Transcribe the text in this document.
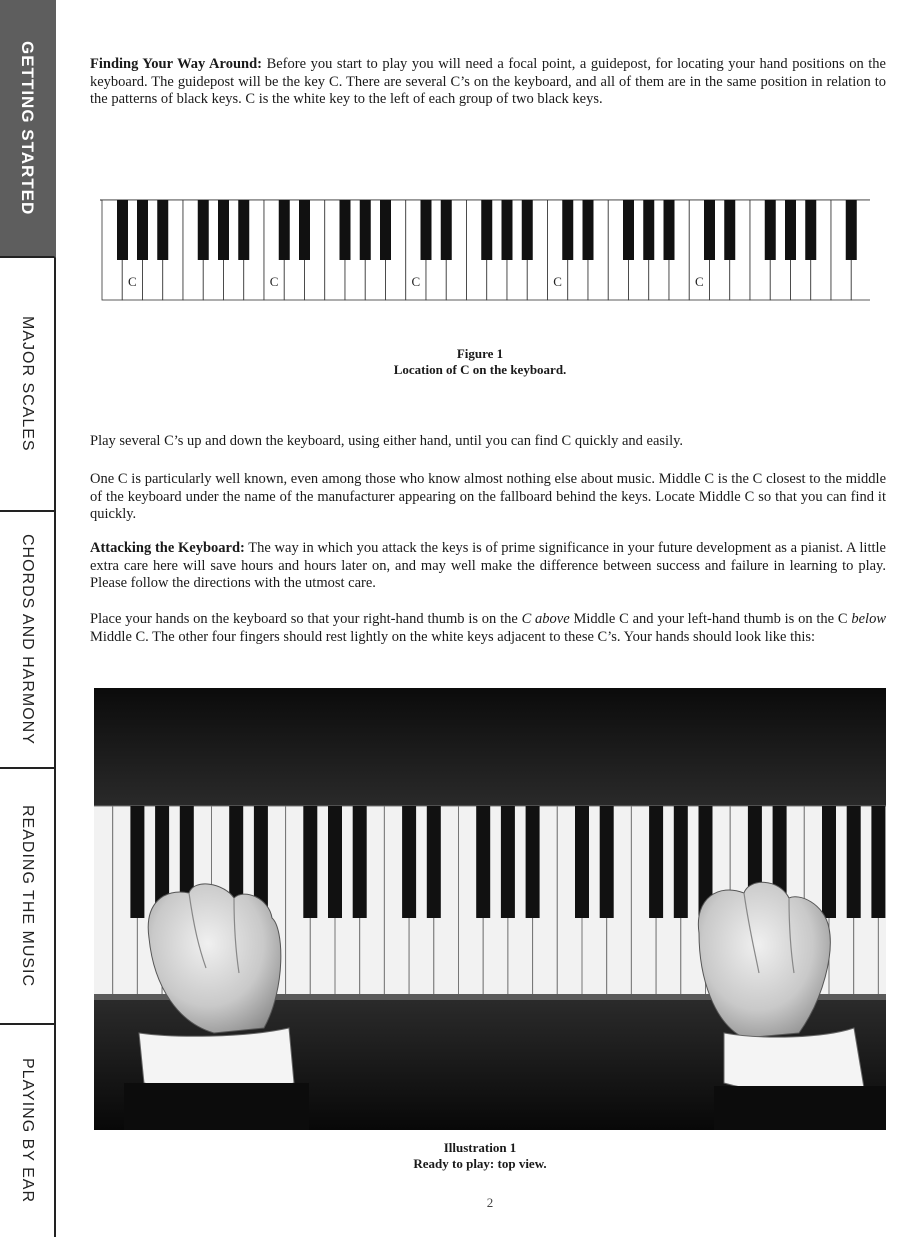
GETTING STARTED
MAJOR SCALES
CHORDS AND HARMONY
READING THE MUSIC
PLAYING BY EAR

Finding Your Way Around: Before you start to play you will need a focal point, a guidepost, for locating your hand positions on the keyboard. The guidepost will be the key C. There are several C’s on the keyboard, and all of them are in the same position in relation to the patterns of black keys. C is the white key to the left of each group of two black keys.

C	C	C	C	C
Figure 1
Location of C on the keyboard.

Play several C’s up and down the keyboard, using either hand, until you can find C quickly and easily.

One C is particularly well known, even among those who know almost nothing else about music. Middle C is the C closest to the middle of the keyboard under the name of the manufacturer appearing on the fallboard behind the keys. Locate Middle C so that you can find it quickly.

Attacking the Keyboard: The way in which you attack the keys is of prime significance in your future development as a pianist. A little extra care here will save hours and hours later on, and may well make the difference between success and failure in learning to play. Please follow the directions with the utmost care.

Place your hands on the keyboard so that your right-hand thumb is on the C above Middle C and your left-hand thumb is on the C below Middle C. The other four fingers should rest lightly on the white keys adjacent to these C’s. Your hands should look like this:

Illustration 1
Ready to play: top view.
2
